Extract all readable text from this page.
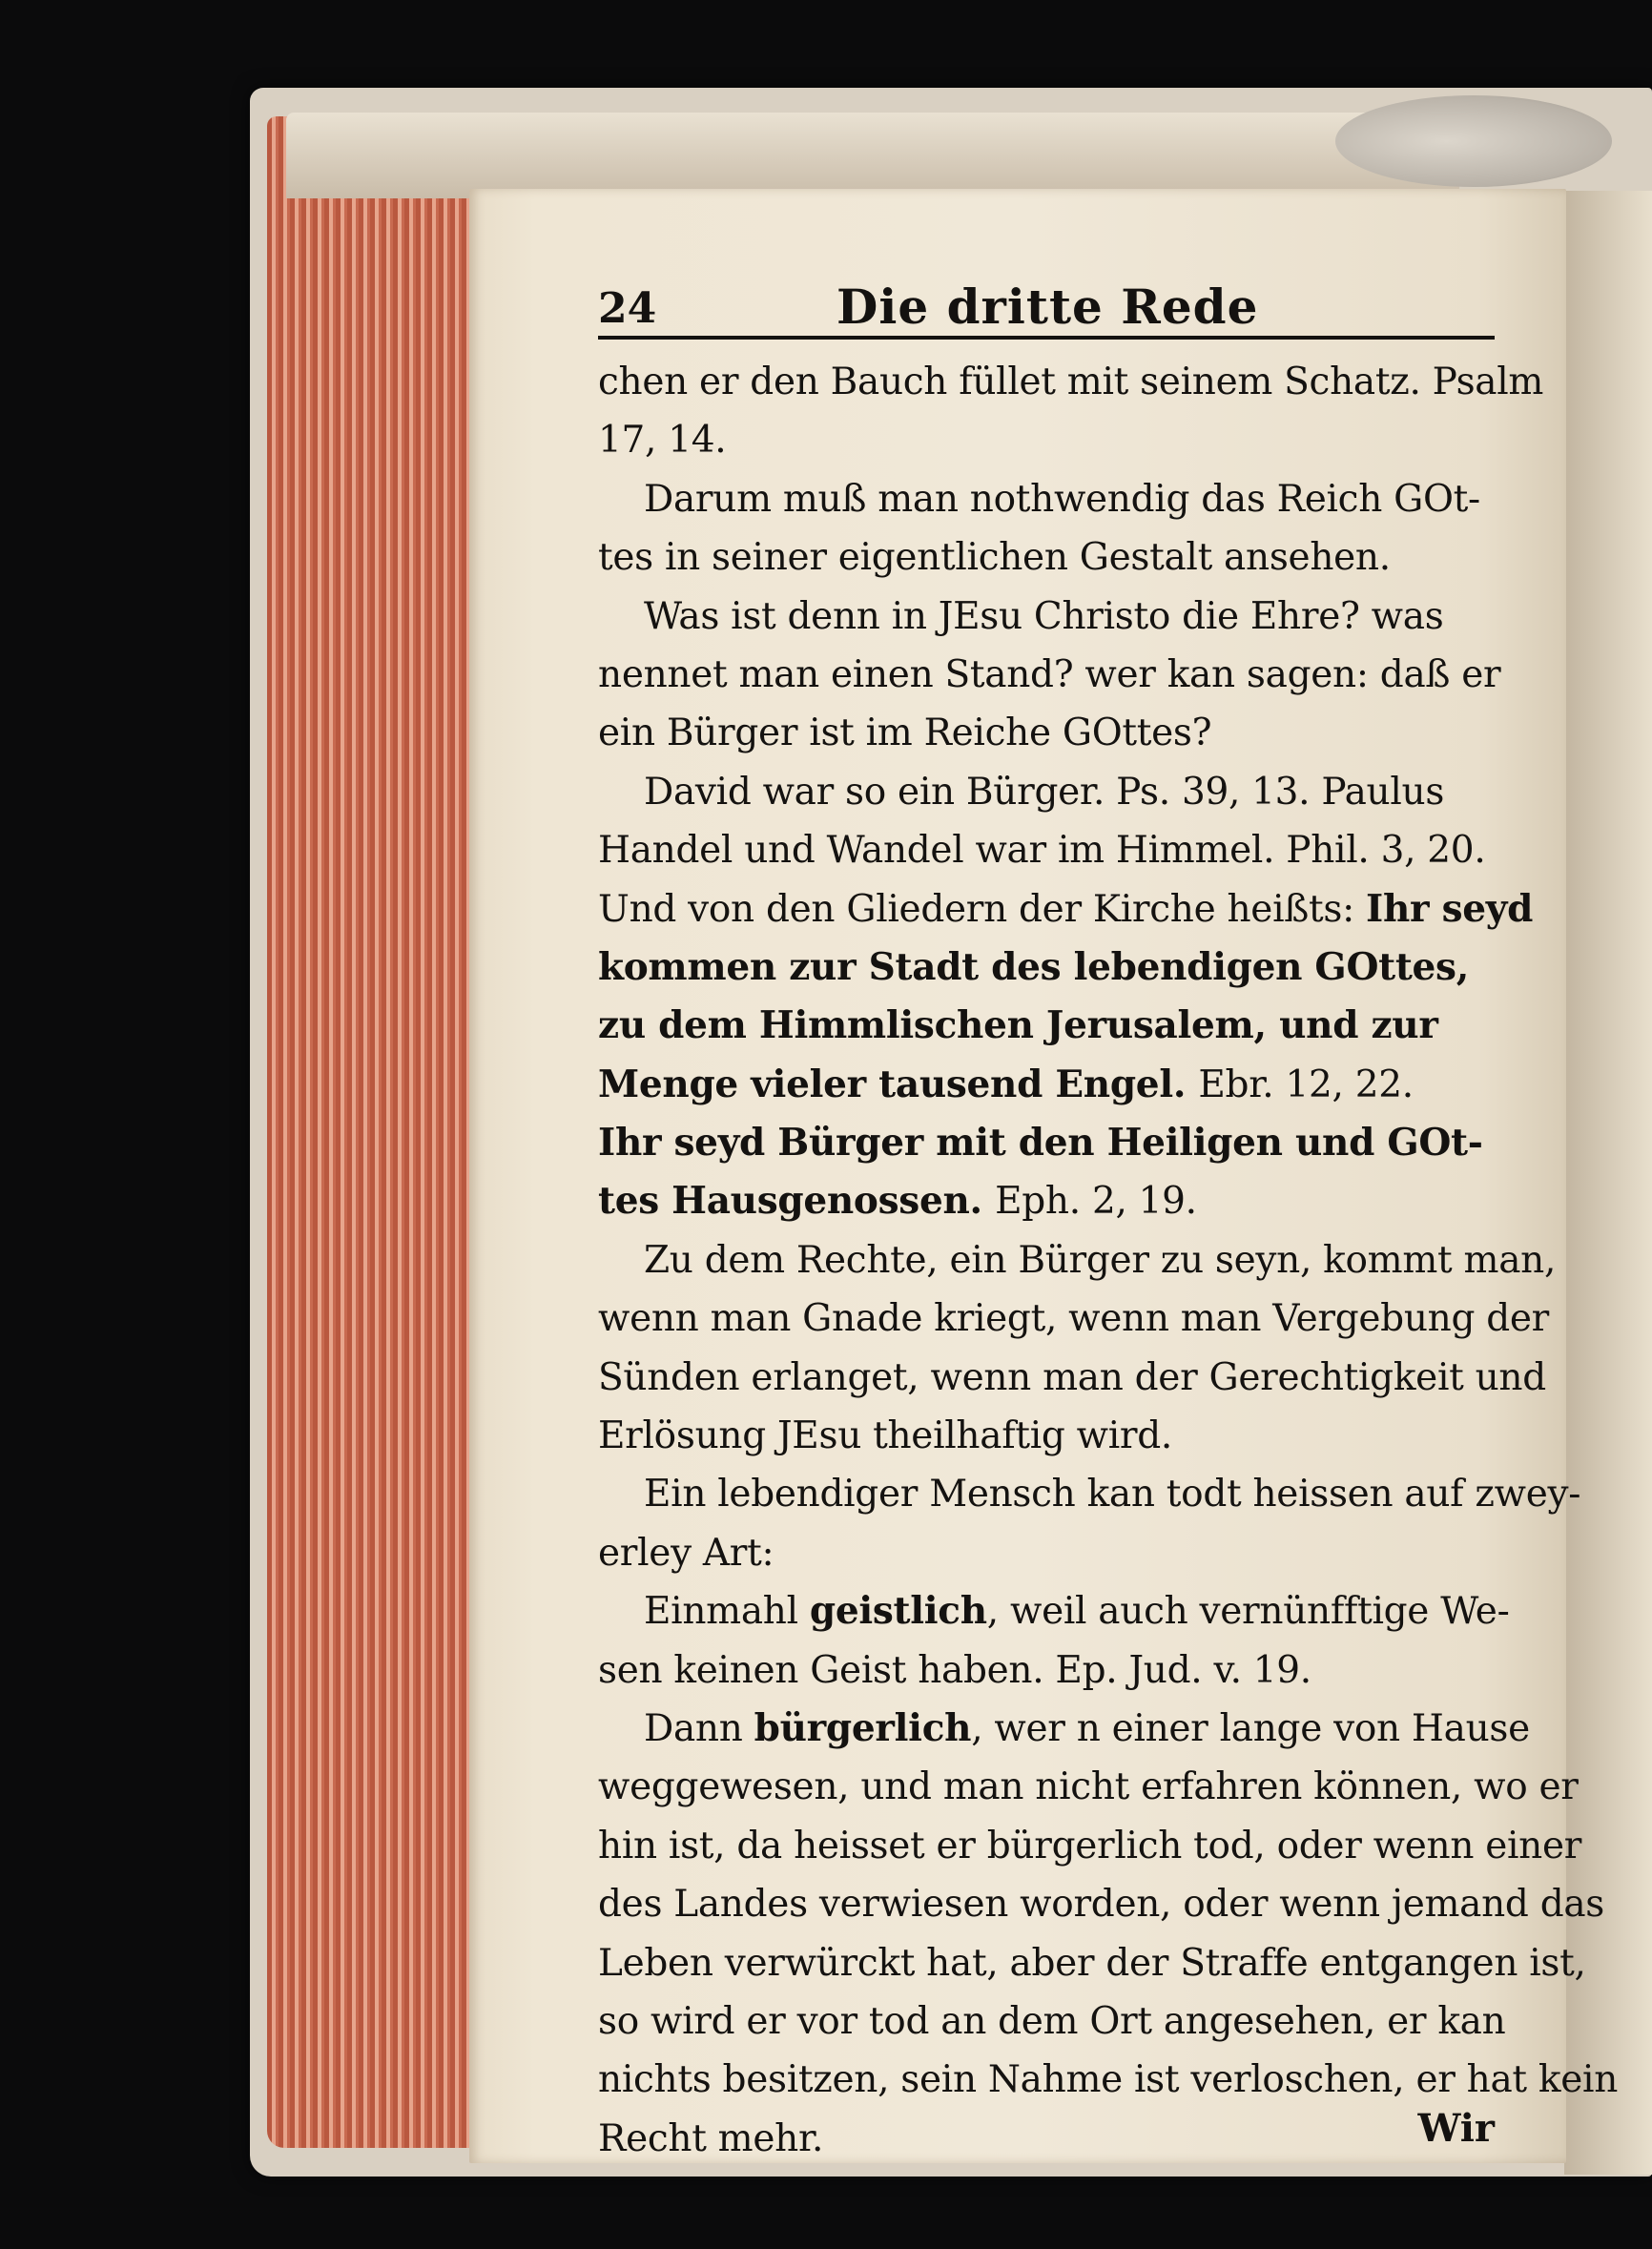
24	Die dritte Rede
chen er den Bauch füllet mit seinem Schatz. Psalm
17, 14.
Darum muß man nothwendig das Reich GOt-
tes in seiner eigentlichen Gestalt ansehen.
Was ist denn in JEsu Christo die Ehre? was
nennet man einen Stand? wer kan sagen: daß er
ein Bürger ist im Reiche GOttes?
David war so ein Bürger. Ps. 39, 13. Paulus
Handel und Wandel war im Himmel. Phil. 3, 20.
Und von den Gliedern der Kirche heißts: Ihr seyd
kommen zur Stadt des lebendigen GOttes,
zu dem Himmlischen Jerusalem, und zur
Menge vieler tausend Engel. Ebr. 12, 22.
Ihr seyd Bürger mit den Heiligen und GOt-
tes Hausgenossen. Eph. 2, 19.
Zu dem Rechte, ein Bürger zu seyn, kommt man,
wenn man Gnade kriegt, wenn man Vergebung der
Sünden erlanget, wenn man der Gerechtigkeit und
Erlösung JEsu theilhaftig wird.
Ein lebendiger Mensch kan todt heissen auf zwey-
erley Art:
Einmahl geistlich, weil auch vernünfftige We-
sen keinen Geist haben. Ep. Jud. v. 19.
Dann bürgerlich, wer n einer lange von Hause
weggewesen, und man nicht erfahren können, wo er
hin ist, da heisset er bürgerlich tod, oder wenn einer
des Landes verwiesen worden, oder wenn jemand das
Leben verwürckt hat, aber der Straffe entgangen ist,
so wird er vor tod an dem Ort angesehen, er kan
nichts besitzen, sein Nahme ist verloschen, er hat kein
Recht mehr.	Wir
